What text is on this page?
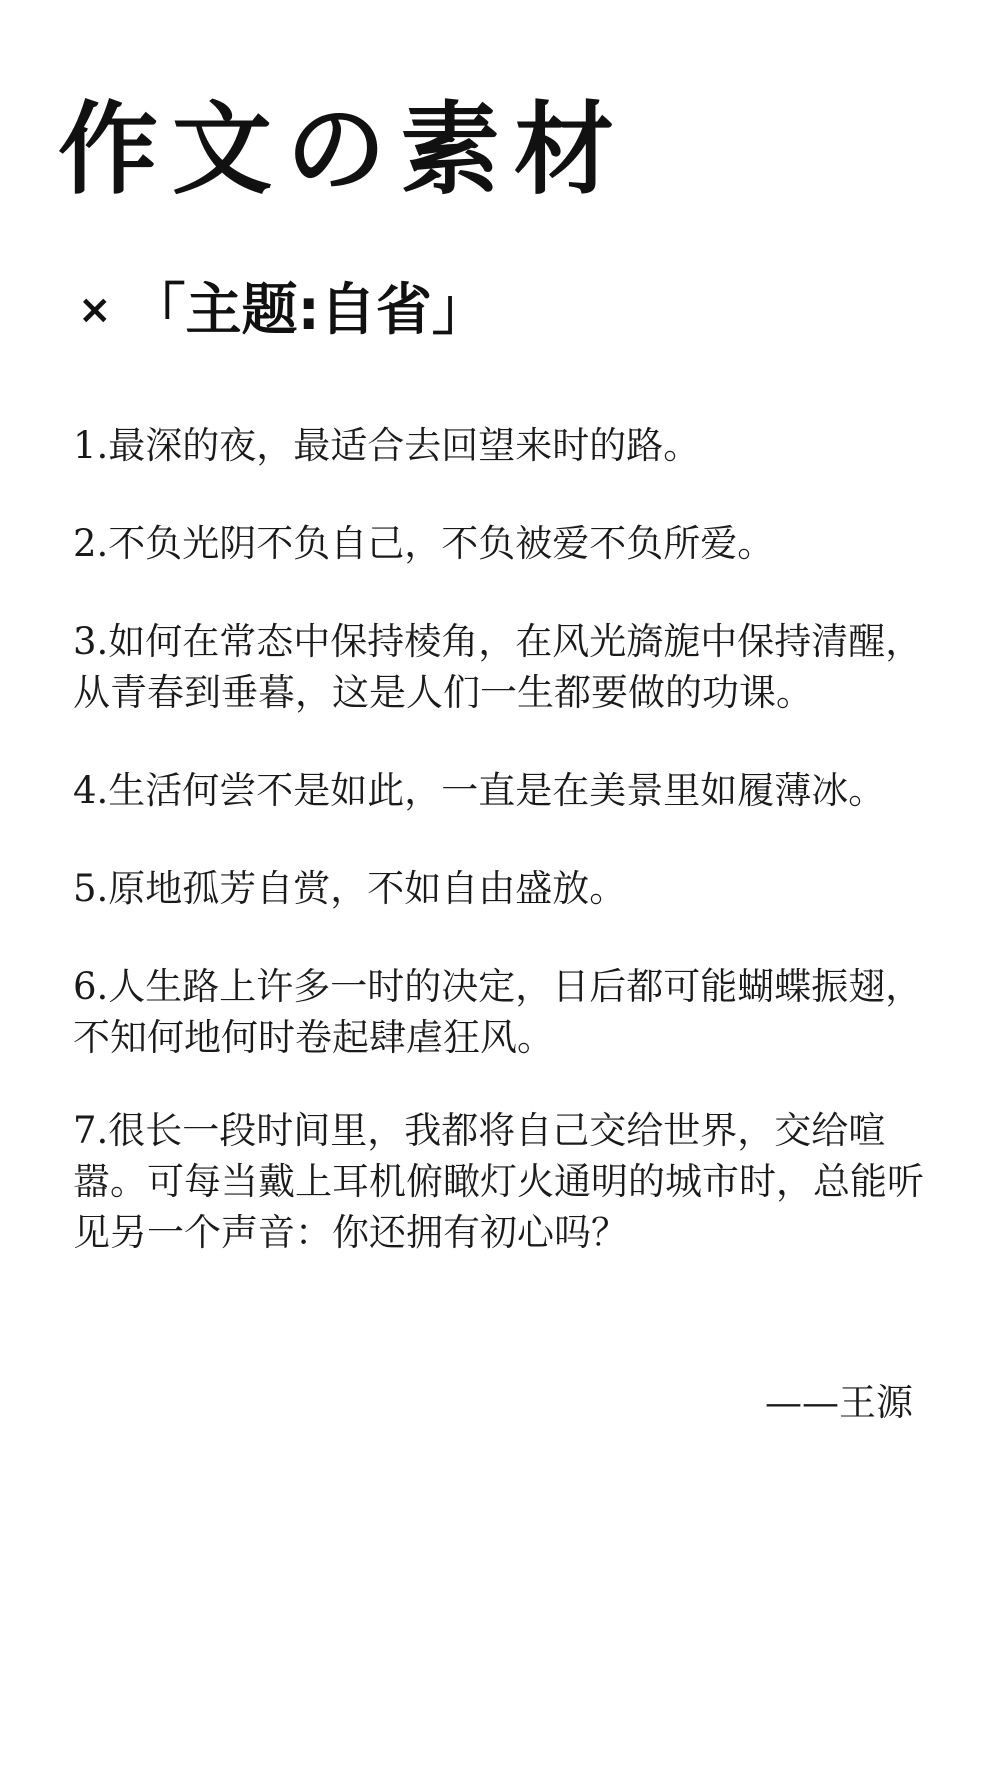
作文の素材
× 「主题:自省」
1.最深的夜，最适合去回望来时的路。
2.不负光阴不负自己，不负被爱不负所爱。
3.如何在常态中保持棱角，在风光旖旎中保持清醒，从青春到垂暮，这是人们一生都要做的功课。
4.生活何尝不是如此，一直是在美景里如履薄冰。
5.原地孤芳自赏，不如自由盛放。
6.人生路上许多一时的决定，日后都可能蝴蝶振翅，不知何地何时卷起肆虐狂风。
7.很长一段时间里，我都将自己交给世界，交给喧嚣。可每当戴上耳机俯瞰灯火通明的城市时，总能听见另一个声音：你还拥有初心吗？

——王源
